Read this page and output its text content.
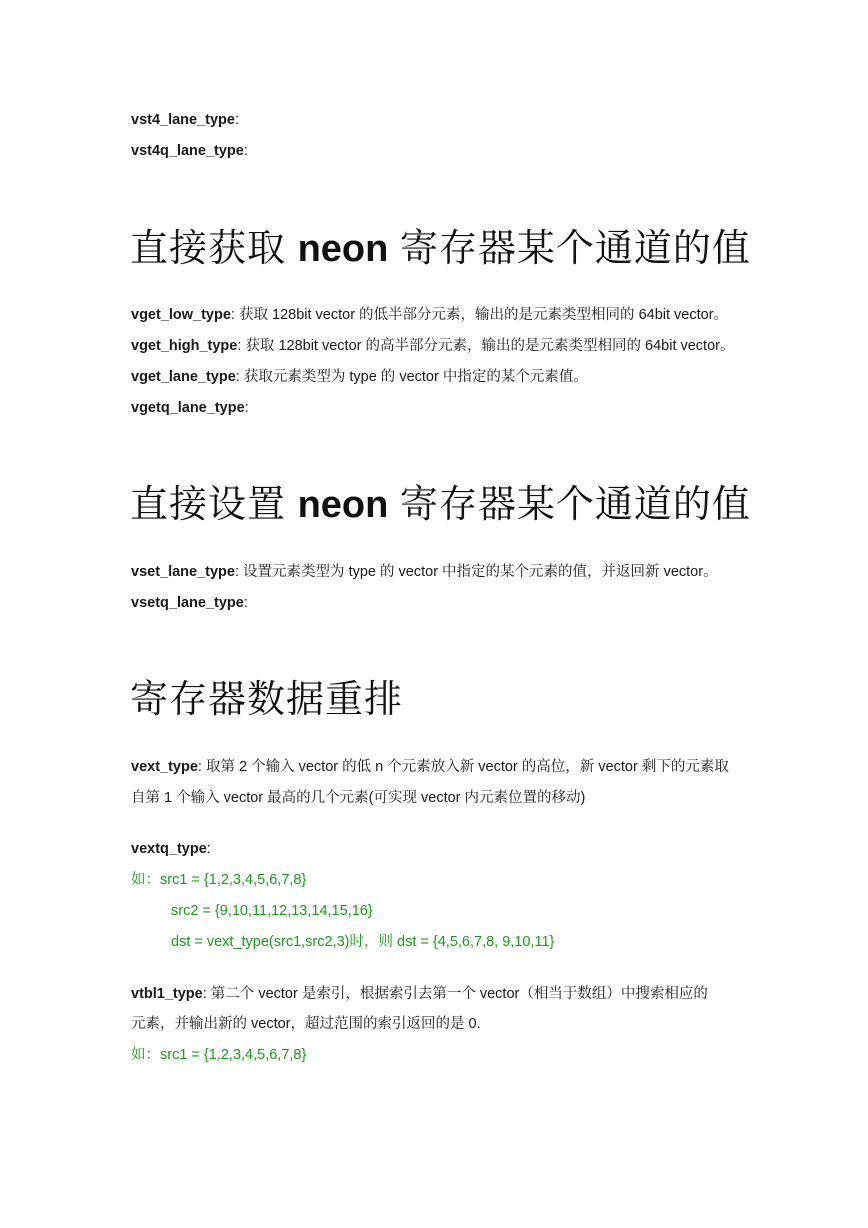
vst4_lane_type:
vst4q_lane_type:
直接获取 neon 寄存器某个通道的值
vget_low_type: 获取 128bit vector 的低半部分元素，输出的是元素类型相同的 64bit vector。
vget_high_type: 获取 128bit vector 的高半部分元素，输出的是元素类型相同的 64bit vector。
vget_lane_type: 获取元素类型为 type 的 vector 中指定的某个元素值。
vgetq_lane_type:
直接设置 neon 寄存器某个通道的值
vset_lane_type: 设置元素类型为 type 的 vector 中指定的某个元素的值，并返回新 vector。
vsetq_lane_type:
寄存器数据重排
vext_type: 取第 2 个输入 vector 的低 n 个元素放入新 vector 的高位，新 vector 剩下的元素取
自第 1 个输入 vector 最高的几个元素(可实现 vector 内元素位置的移动)
vextq_type:
如：src1 = {1,2,3,4,5,6,7,8}
src2 = {9,10,11,12,13,14,15,16}
dst = vext_type(src1,src2,3)时，则 dst = {4,5,6,7,8, 9,10,11}
vtbl1_type: 第二个 vector 是索引，根据索引去第一个 vector（相当于数组）中搜索相应的
元素，并输出新的 vector，超过范围的索引返回的是 0.
如：src1 = {1,2,3,4,5,6,7,8}
